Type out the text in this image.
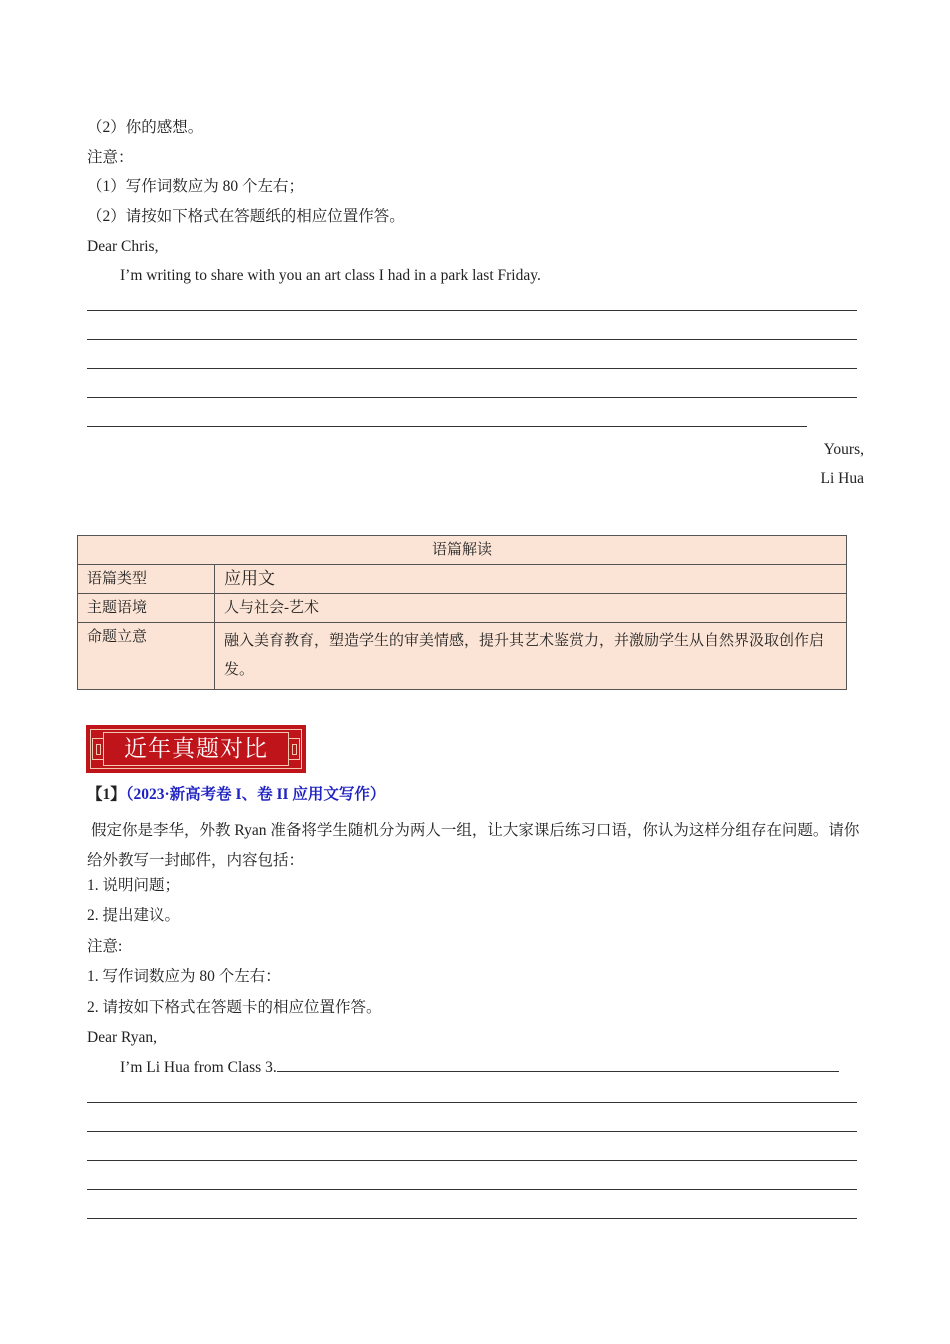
（2）你的感想。
注意：
（1）写作词数应为 80 个左右；
（2）请按如下格式在答题纸的相应位置作答。
Dear Chris,
I’m writing to share with you an art class I had in a park last Friday.
Yours,
Li Hua
语篇解读	
语篇类型	应用文
主题语境	人与社会-艺术
命题立意	融入美育教育，塑造学生的审美情感，提升其艺术鉴赏力，并激励学生从自然界汲取创作启发。
近年真题对比
【1】（2023·新高考卷 I、卷 II 应用文写作）
假定你是李华，外教 Ryan 准备将学生随机分为两人一组，让大家课后练习口语，你认为这样分组存在问题。请你给外教写一封邮件，内容包括：
1. 说明问题；
2. 提出建议。
注意:
1. 写作词数应为 80 个左右：
2. 请按如下格式在答题卡的相应位置作答。
Dear Ryan,
I’m Li Hua from Class 3.
